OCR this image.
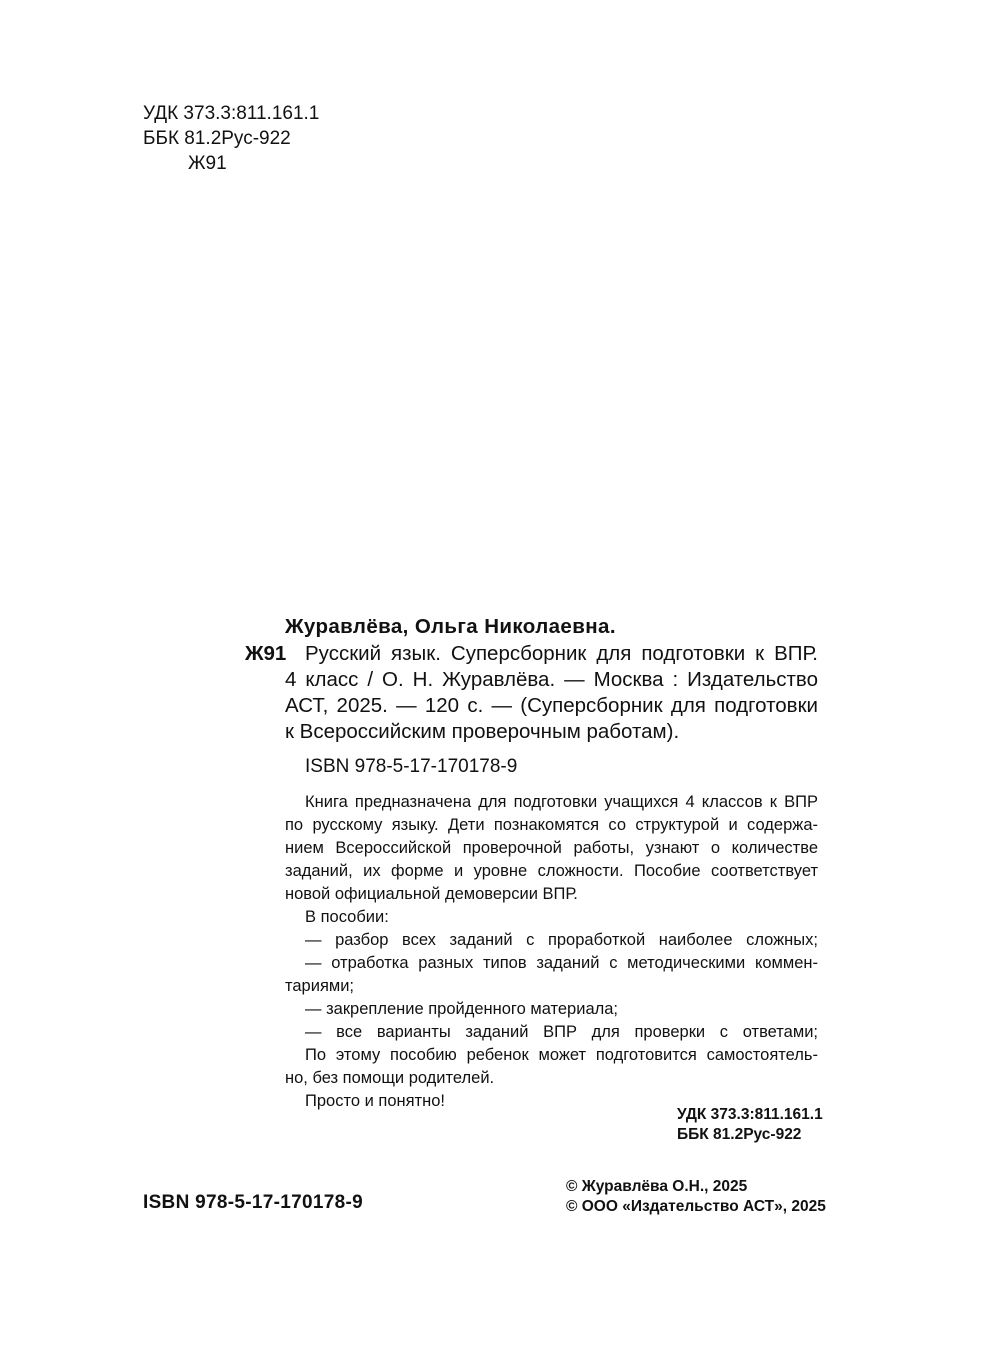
УДК 373.3:811.161.1
ББК 81.2Рус-922
Ж91
Журавлёва, Ольга Николаевна.
Ж91 Русский язык. Суперсборник для подготовки к ВПР.
4 класс / О. Н. Журавлёва. — Москва : Издательство
АСТ, 2025. — 120 с. — (Суперсборник для подготовки
к Всероссийским проверочным работам).
ISBN 978-5-17-170178-9
Книга предназначена для подготовки учащихся 4 классов к ВПР
по русскому языку. Дети познакомятся со структурой и содержа-
нием Всероссийской проверочной работы, узнают о количестве
заданий, их форме и уровне сложности. Пособие соответствует
новой официальной демоверсии ВПР.
В пособии:
— разбор всех заданий с проработкой наиболее сложных;
— отработка разных типов заданий с методическими коммен-
тариями;
— закрепление пройденного материала;
— все варианты заданий ВПР для проверки с ответами;
По этому пособию ребенок может подготовится самостоятель-
но, без помощи родителей.
Просто и понятно!
УДК 373.3:811.161.1
ББК 81.2Рус-922
ISBN 978-5-17-170178-9
© Журавлёва О.Н., 2025
© ООО «Издательство АСТ», 2025
